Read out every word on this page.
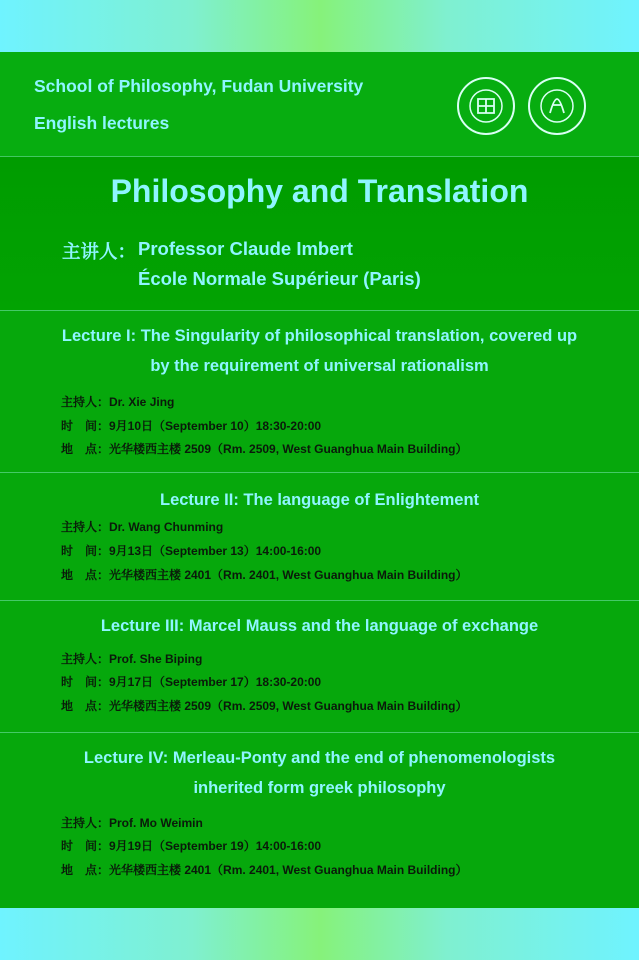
School of Philosophy, Fudan University
English lectures
Philosophy and Translation
主讲人： Professor Claude Imbert
École Normale Supérieur (Paris)
Lecture I: The Singularity of philosophical translation, covered up
by the requirement of universal rationalism
主持人：Dr. Xie Jing
时　间：9月10日（September 10）18:30-20:00
地　点：光华楼西主楼 2509（Rm. 2509, West Guanghua Main Building）
Lecture II: The language of Enlightement
主持人：Dr. Wang Chunming
时　间：9月13日（September 13）14:00-16:00
地　点：光华楼西主楼 2401（Rm. 2401, West Guanghua Main Building）
Lecture III: Marcel Mauss and the language of exchange
主持人：Prof. She Biping
时　间：9月17日（September 17）18:30-20:00
地　点：光华楼西主楼 2509（Rm. 2509, West Guanghua Main Building）
Lecture IV: Merleau-Ponty and the end of phenomenologists
inherited form greek philosophy
主持人：Prof. Mo Weimin
时　间：9月19日（September 19）14:00-16:00
地　点：光华楼西主楼 2401（Rm. 2401, West Guanghua Main Building）
